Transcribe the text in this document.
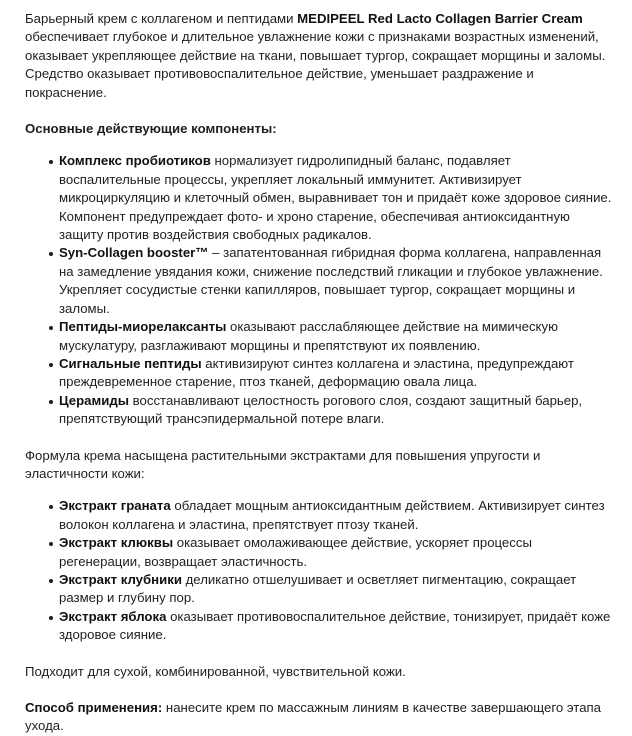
Барьерный крем с коллагеном и пептидами MEDIPEEL Red Lacto Collagen Barrier Cream обеспечивает глубокое и длительное увлажнение кожи с признаками возрастных изменений, оказывает укрепляющее действие на ткани, повышает тургор, сокращает морщины и заломы. Средство оказывает противовоспалительное действие, уменьшает раздражение и покраснение.

Основные действующие компоненты:

Комплекс пробиотиков нормализует гидролипидный баланс, подавляет воспалительные процессы, укрепляет локальный иммунитет. Активизирует микроциркуляцию и клеточный обмен, выравнивает тон и придаёт коже здоровое сияние. Компонент предупреждает фото- и хроно старение, обеспечивая антиоксидантную защиту против воздействия свободных радикалов.
Syn-Collagen booster™ – запатентованная гибридная форма коллагена, направленная на замедление увядания кожи, снижение последствий гликации и глубокое увлажнение. Укрепляет сосудистые стенки капилляров, повышает тургор, сокращает морщины и заломы.
Пептиды-миорелаксанты оказывают расслабляющее действие на мимическую мускулатуру, разглаживают морщины и препятствуют их появлению.
Сигнальные пептиды активизируют синтез коллагена и эластина, предупреждают преждевременное старение, птоз тканей, деформацию овала лица.
Церамиды восстанавливают целостность рогового слоя, создают защитный барьер, препятствующий трансэпидермальной потере влаги.

Формула крема насыщена растительными экстрактами для повышения упругости и эластичности кожи:

Экстракт граната обладает мощным антиоксидантным действием. Активизирует синтез волокон коллагена и эластина, препятствует птозу тканей.
Экстракт клюквы оказывает омолаживающее действие, ускоряет процессы регенерации, возвращает эластичность.
Экстракт клубники деликатно отшелушивает и осветляет пигментацию, сокращает размер и глубину пор.
Экстракт яблока оказывает противовоспалительное действие, тонизирует, придаёт коже здоровое сияние.

Подходит для сухой, комбинированной, чувствительной кожи.

Способ применения: нанесите крем по массажным линиям в качестве завершающего этапа ухода.
